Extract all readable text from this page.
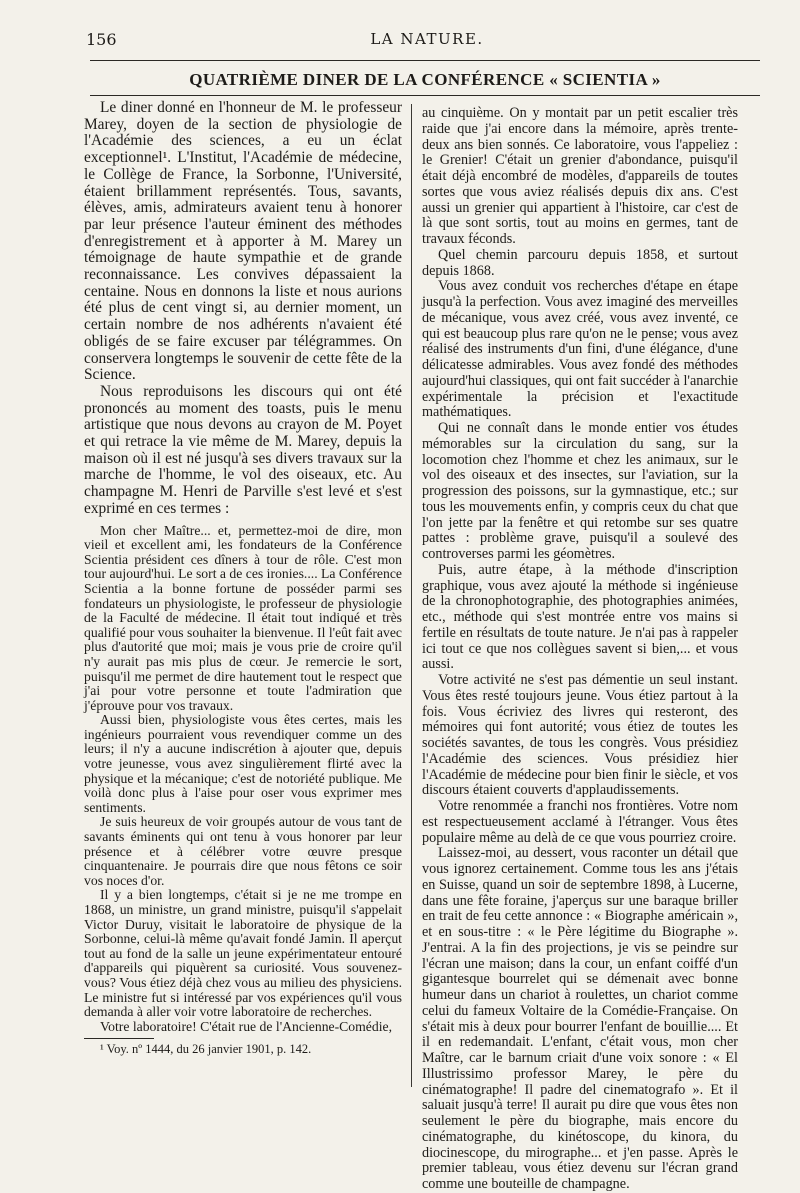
156	LA NATURE.
QUATRIÈME DINER DE LA CONFÉRENCE « SCIENTIA »

Le diner donné en l'honneur de M. le professeur Marey, doyen de la section de physiologie de l'Académie des sciences, a eu un éclat exceptionnel¹. L'Institut, l'Académie de médecine, le Collège de France, la Sorbonne, l'Université, étaient brillamment représentés. Tous, savants, élèves, amis, admirateurs avaient tenu à honorer par leur présence l'auteur éminent des méthodes d'enregistrement et à apporter à M. Marey un témoignage de haute sympathie et de grande reconnaissance. Les convives dépassaient la centaine. Nous en donnons la liste et nous aurions été plus de cent vingt si, au dernier moment, un certain nombre de nos adhérents n'avaient été obligés de se faire excuser par télégrammes. On conservera longtemps le souvenir de cette fête de la Science.

Nous reproduisons les discours qui ont été prononcés au moment des toasts, puis le menu artistique que nous devons au crayon de M. Poyet et qui retrace la vie même de M. Marey, depuis la maison où il est né jusqu'à ses divers travaux sur la marche de l'homme, le vol des oiseaux, etc. Au champagne M. Henri de Parville s'est levé et s'est exprimé en ces termes :

Mon cher Maître... et, permettez-moi de dire, mon vieil et excellent ami, les fondateurs de la Conférence Scientia président ces dîners à tour de rôle. C'est mon tour aujourd'hui. Le sort a de ces ironies.... La Conférence Scientia a la bonne fortune de posséder parmi ses fondateurs un physiologiste, le professeur de physiologie de la Faculté de médecine. Il était tout indiqué et très qualifié pour vous souhaiter la bienvenue. Il l'eût fait avec plus d'autorité que moi; mais je vous prie de croire qu'il n'y aurait pas mis plus de cœur. Je remercie le sort, puisqu'il me permet de dire hautement tout le respect que j'ai pour votre personne et toute l'admiration que j'éprouve pour vos travaux.

Aussi bien, physiologiste vous êtes certes, mais les ingénieurs pourraient vous revendiquer comme un des leurs; il n'y a aucune indiscrétion à ajouter que, depuis votre jeunesse, vous avez singulièrement flirté avec la physique et la mécanique; c'est de notoriété publique. Me voilà donc plus à l'aise pour oser vous exprimer mes sentiments.

Je suis heureux de voir groupés autour de vous tant de savants éminents qui ont tenu à vous honorer par leur présence et à célébrer votre œuvre presque cinquantenaire. Je pourrais dire que nous fêtons ce soir vos noces d'or.

Il y a bien longtemps, c'était si je ne me trompe en 1868, un ministre, un grand ministre, puisqu'il s'appelait Victor Duruy, visitait le laboratoire de physique de la Sorbonne, celui-là même qu'avait fondé Jamin. Il aperçut tout au fond de la salle un jeune expérimentateur entouré d'appareils qui piquèrent sa curiosité. Vous souvenez-vous? Vous étiez déjà chez vous au milieu des physiciens. Le ministre fut si intéressé par vos expériences qu'il vous demanda à aller voir votre laboratoire de recherches.

Votre laboratoire! C'était rue de l'Ancienne-Comédie,

¹ Voy. nº 1444, du 26 janvier 1901, p. 142.

au cinquième. On y montait par un petit escalier très raide que j'ai encore dans la mémoire, après trente-deux ans bien sonnés. Ce laboratoire, vous l'appeliez : le Grenier! C'était un grenier d'abondance, puisqu'il était déjà encombré de modèles, d'appareils de toutes sortes que vous aviez réalisés depuis dix ans. C'est aussi un grenier qui appartient à l'histoire, car c'est de là que sont sortis, tout au moins en germes, tant de travaux féconds.

Quel chemin parcouru depuis 1858, et surtout depuis 1868.

Vous avez conduit vos recherches d'étape en étape jusqu'à la perfection. Vous avez imaginé des merveilles de mécanique, vous avez créé, vous avez inventé, ce qui est beaucoup plus rare qu'on ne le pense; vous avez réalisé des instruments d'un fini, d'une élégance, d'une délicatesse admirables. Vous avez fondé des méthodes aujourd'hui classiques, qui ont fait succéder à l'anarchie expérimentale la précision et l'exactitude mathématiques.

Qui ne connaît dans le monde entier vos études mémorables sur la circulation du sang, sur la locomotion chez l'homme et chez les animaux, sur le vol des oiseaux et des insectes, sur l'aviation, sur la progression des poissons, sur la gymnastique, etc.; sur tous les mouvements enfin, y compris ceux du chat que l'on jette par la fenêtre et qui retombe sur ses quatre pattes : problème grave, puisqu'il a soulevé des controverses parmi les géomètres.

Puis, autre étape, à la méthode d'inscription graphique, vous avez ajouté la méthode si ingénieuse de la chronophotographie, des photographies animées, etc., méthode qui s'est montrée entre vos mains si fertile en résultats de toute nature. Je n'ai pas à rappeler ici tout ce que nos collègues savent si bien,... et vous aussi.

Votre activité ne s'est pas démentie un seul instant. Vous êtes resté toujours jeune. Vous étiez partout à la fois. Vous écriviez des livres qui resteront, des mémoires qui font autorité; vous étiez de toutes les sociétés savantes, de tous les congrès. Vous présidiez l'Académie des sciences. Vous présidiez hier l'Académie de médecine pour bien finir le siècle, et vos discours étaient couverts d'applaudissements.

Votre renommée a franchi nos frontières. Votre nom est respectueusement acclamé à l'étranger. Vous êtes populaire même au delà de ce que vous pourriez croire.

Laissez-moi, au dessert, vous raconter un détail que vous ignorez certainement. Comme tous les ans j'étais en Suisse, quand un soir de septembre 1898, à Lucerne, dans une fête foraine, j'aperçus sur une baraque briller en trait de feu cette annonce : « Biographe américain », et en sous-titre : « le Père légitime du Biographe ». J'entrai. A la fin des projections, je vis se peindre sur l'écran une maison; dans la cour, un enfant coiffé d'un gigantesque bourrelet qui se démenait avec bonne humeur dans un chariot à roulettes, un chariot comme celui du fameux Voltaire de la Comédie-Française. On s'était mis à deux pour bourrer l'enfant de bouillie.... Et il en redemandait. L'enfant, c'était vous, mon cher Maître, car le barnum criait d'une voix sonore : « El Illustrissimo professor Marey, le père du cinématographe! Il padre del cinematografo ». Et il saluait jusqu'à terre! Il aurait pu dire que vous êtes non seulement le père du biographe, mais encore du cinématographe, du kinétoscope, du kinora, du diocinescope, du mirographe... et j'en passe. Après le premier tableau, vous étiez devenu sur l'écran grand comme une bouteille de champagne.
